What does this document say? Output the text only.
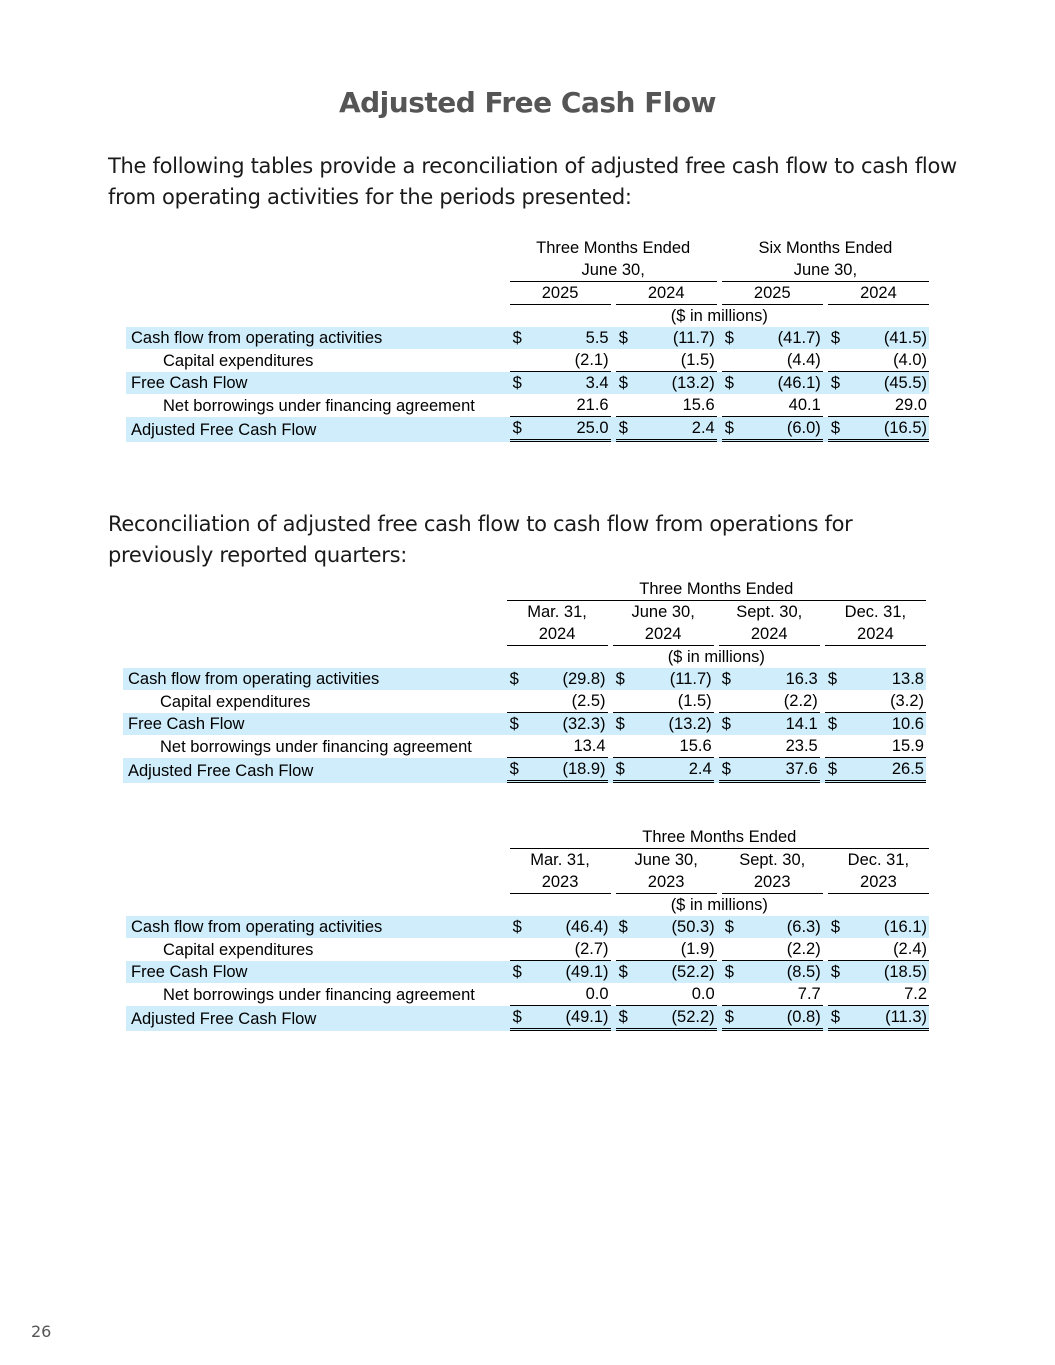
Adjusted Free Cash Flow
The following tables provide a reconciliation of adjusted free cash flow to cash flow from operating activities for the periods presented:
		Three Months Ended						Six Months Ended				
		June 30,						June 30,				
		2025			2024			2025			2024	
		($ in millions)										
Cash flow from operating activities		$	5.5		$	(11.7)		$	(41.7)		$	(41.5)
Capital expenditures			(2.1)			(1.5)			(4.4)			(4.0)
Free Cash Flow		$	3.4		$	(13.2)		$	(46.1)		$	(45.5)
Net borrowings under financing agreement			21.6			15.6			40.1			29.0
Adjusted Free Cash Flow		$	25.0		$	2.4		$	(6.0)		$	(16.5)
Reconciliation of adjusted free cash flow to cash flow from operations for previously reported quarters:
		Three Months Ended										
		Mar. 31,			June 30,			Sept. 30,			Dec. 31,	
		2024			2024			2024			2024	
		($ in millions)										
Cash flow from operating activities		$	(29.8)		$	(11.7)		$	16.3		$	13.8
Capital expenditures			(2.5)			(1.5)			(2.2)			(3.2)
Free Cash Flow		$	(32.3)		$	(13.2)		$	14.1		$	10.6
Net borrowings under financing agreement			13.4			15.6			23.5			15.9
Adjusted Free Cash Flow		$	(18.9)		$	2.4		$	37.6		$	26.5
		Three Months Ended										
		Mar. 31,			June 30,			Sept. 30,			Dec. 31,	
		2023			2023			2023			2023	
		($ in millions)										
Cash flow from operating activities		$	(46.4)		$	(50.3)		$	(6.3)		$	(16.1)
Capital expenditures			(2.7)			(1.9)			(2.2)			(2.4)
Free Cash Flow		$	(49.1)		$	(52.2)		$	(8.5)		$	(18.5)
Net borrowings under financing agreement			0.0			0.0			7.7			7.2
Adjusted Free Cash Flow		$	(49.1)		$	(52.2)		$	(0.8)		$	(11.3)
26
